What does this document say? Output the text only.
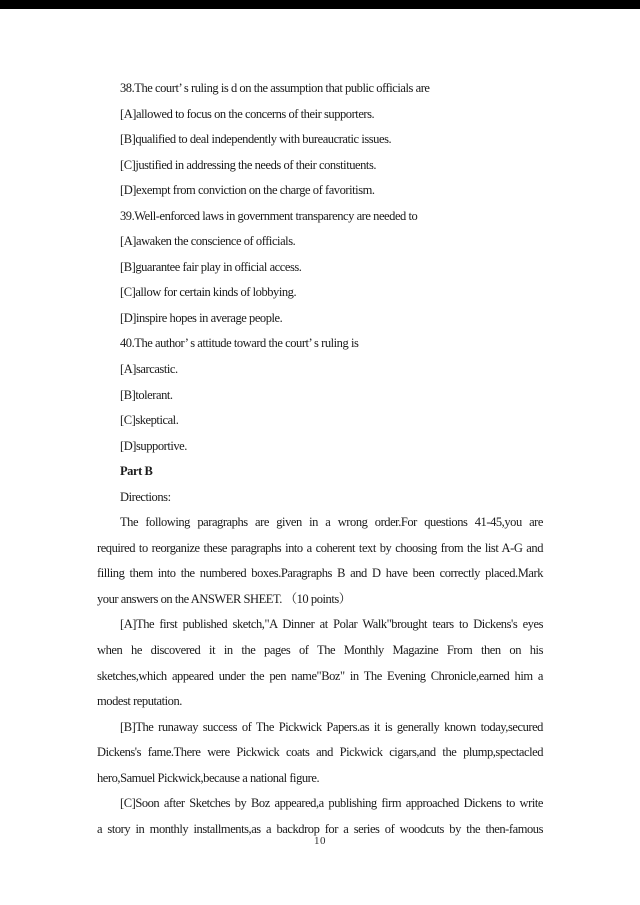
38.The court’ s ruling is d on the assumption that public officials are
[A]allowed to focus on the concerns of their supporters.
[B]qualified to deal independently with bureaucratic issues.
[C]justified in addressing the needs of their constituents.
[D]exempt from conviction on the charge of favoritism.
39.Well-enforced laws in government transparency are needed to
[A]awaken the conscience of officials.
[B]guarantee fair play in official access.
[C]allow for certain kinds of lobbying.
[D]inspire hopes in average people.
40.The author’ s attitude toward the court’ s ruling is
[A]sarcastic.
[B]tolerant.
[C]skeptical.
[D]supportive.
Part B
Directions:
The following paragraphs are given in a wrong order.For questions 41-45,you are
required to reorganize these paragraphs into a coherent text by choosing from the list A-G and
filling them into the numbered boxes.Paragraphs B and D have been correctly placed.Mark
your answers on the ANSWER SHEET. （10 points）
[A]The first published sketch,"A Dinner at Polar Walk"brought tears to Dickens's eyes
when he discovered it in the pages of The Monthly Magazine From then on his
sketches,which appeared under the pen name"Boz" in The Evening Chronicle,earned him a
modest reputation.
[B]The runaway success of The Pickwick Papers.as it is generally known today,secured
Dickens's fame.There were Pickwick coats and Pickwick cigars,and the plump,spectacled
hero,Samuel Pickwick,because a national figure.
[C]Soon after Sketches by Boz appeared,a publishing firm approached Dickens to write
a story in monthly installments,as a backdrop for a series of woodcuts by the then-famous
10
